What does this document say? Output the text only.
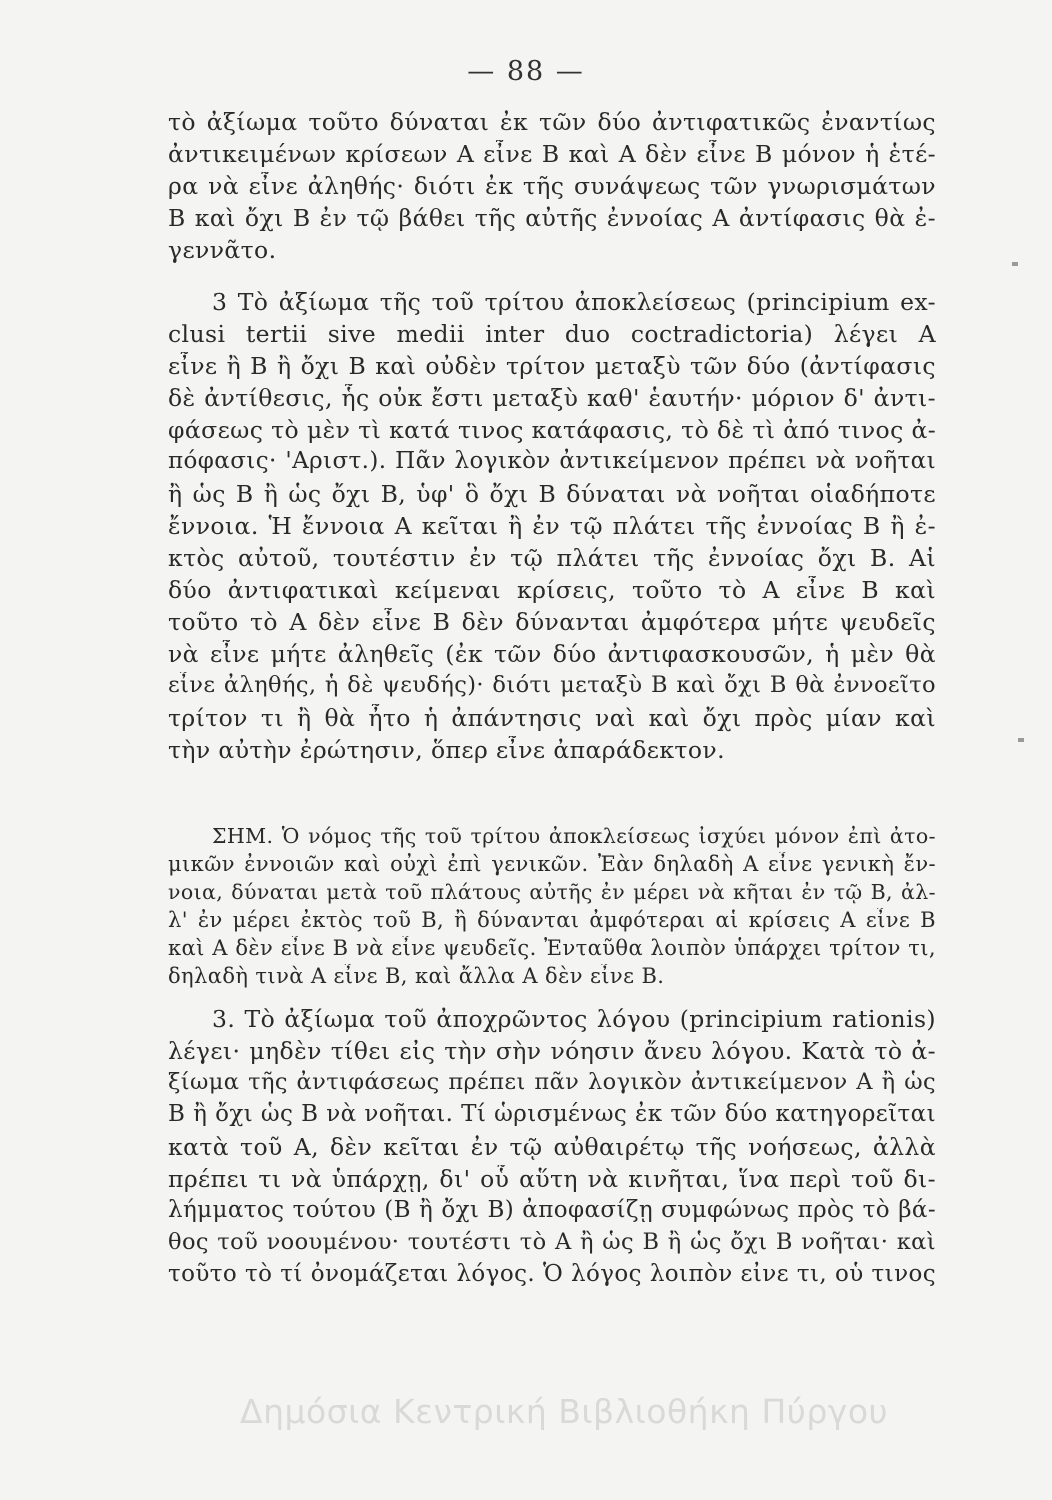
— 88 —
τὸ ἀξίωμα τοῦτο δύναται ἐκ τῶν δύο ἀντιφατικῶς ἐναντίως
ἀντικειμένων κρίσεων Α εἶνε Β καὶ Α δὲν εἶνε Β μόνον ἡ ἑτέ-
ρα νὰ εἶνε ἀληθής· διότι ἐκ τῆς συνάψεως τῶν γνωρισμάτων
Β καὶ ὄχι Β ἐν τῷ βάθει τῆς αὐτῆς ἐννοίας Α ἀντίφασις θὰ ἐ-
γεννᾶτο.
3 Τὸ ἀξίωμα τῆς τοῦ τρίτου ἀποκλείσεως (principium ex-
clusi tertii sive medii inter duo coctradictoria) λέγει Α
εἶνε ἢ Β ἢ ὄχι Β καὶ οὐδὲν τρίτον μεταξὺ τῶν δύο (ἀντίφασις
δὲ ἀντίθεσις, ἧς οὐκ ἔστι μεταξὺ καθ' ἑαυτήν· μόριον δ' ἀντι-
φάσεως τὸ μὲν τὶ κατά τινος κατάφασις, τὸ δὲ τὶ ἀπό τινος ἀ-
πόφασις· 'Αριστ.). Πᾶν λογικὸν ἀντικείμενον πρέπει νὰ νοῆται
ἢ ὡς Β ἢ ὡς ὄχι Β, ὑφ' ὃ ὄχι Β δύναται νὰ νοῆται οἱαδήποτε
ἔννοια. Ἡ ἔννοια Α κεῖται ἢ ἐν τῷ πλάτει τῆς ἐννοίας Β ἢ ἐ-
κτὸς αὐτοῦ, τουτέστιν ἐν τῷ πλάτει τῆς ἐννοίας ὄχι Β. Αἱ
δύο ἀντιφατικαὶ κείμεναι κρίσεις, τοῦτο τὸ Α εἶνε Β καὶ
τοῦτο τὸ Α δὲν εἶνε Β δὲν δύνανται ἀμφότερα μήτε ψευδεῖς
νὰ εἶνε μήτε ἀληθεῖς (ἐκ τῶν δύο ἀντιφασκουσῶν, ἡ μὲν θὰ
εἶνε ἀληθής, ἡ δὲ ψευδής)· διότι μεταξὺ Β καὶ ὄχι Β θὰ ἐννοεῖτο
τρίτον τι ἢ θὰ ἦτο ἡ ἀπάντησις ναὶ καὶ ὄχι πρὸς μίαν καὶ
τὴν αὐτὴν ἐρώτησιν, ὅπερ εἶνε ἀπαράδεκτον.
ΣΗΜ. Ὁ νόμος τῆς τοῦ τρίτου ἀποκλείσεως ἰσχύει μόνον ἐπὶ ἀτο-
μικῶν ἐννοιῶν καὶ οὐχὶ ἐπὶ γενικῶν. Ἐὰν δηλαδὴ Α εἶνε γενικὴ ἔν-
νοια, δύναται μετὰ τοῦ πλάτους αὐτῆς ἐν μέρει νὰ κῆται ἐν τῷ Β, ἀλ-
λ' ἐν μέρει ἐκτὸς τοῦ Β, ἢ δύνανται ἀμφότεραι αἱ κρίσεις Α εἶνε Β
καὶ Α δὲν εἶνε Β νὰ εἶνε ψευδεῖς. Ἐνταῦθα λοιπὸν ὑπάρχει τρίτον τι,
δηλαδὴ τινὰ Α εἶνε Β, καὶ ἄλλα Α δὲν εἶνε Β.
3. Τὸ ἀξίωμα τοῦ ἀποχρῶντος λόγου (principium rationis)
λέγει· μηδὲν τίθει εἰς τὴν σὴν νόησιν ἄνευ λόγου. Κατὰ τὸ ἀ-
ξίωμα τῆς ἀντιφάσεως πρέπει πᾶν λογικὸν ἀντικείμενον Α ἢ ὡς
Β ἢ ὄχι ὡς Β νὰ νοῆται. Τί ὡρισμένως ἐκ τῶν δύο κατηγορεῖται
κατὰ τοῦ Α, δὲν κεῖται ἐν τῷ αὐθαιρέτῳ τῆς νοήσεως, ἀλλὰ
πρέπει τι νὰ ὑπάρχῃ, δι' οὗ αὕτη νὰ κινῆται, ἵνα περὶ τοῦ δι-
λήμματος τούτου (Β ἢ ὄχι Β) ἀποφασίζῃ συμφώνως πρὸς τὸ βά-
θος τοῦ νοουμένου· τουτέστι τὸ Α ἢ ὡς Β ἢ ὡς ὄχι Β νοῆται· καὶ
τοῦτο τὸ τί ὀνομάζεται λόγος. Ὁ λόγος λοιπὸν εἶνε τι, οὗ τινος
Δημόσια Κεντρική Βιβλιοθήκη Πύργου
